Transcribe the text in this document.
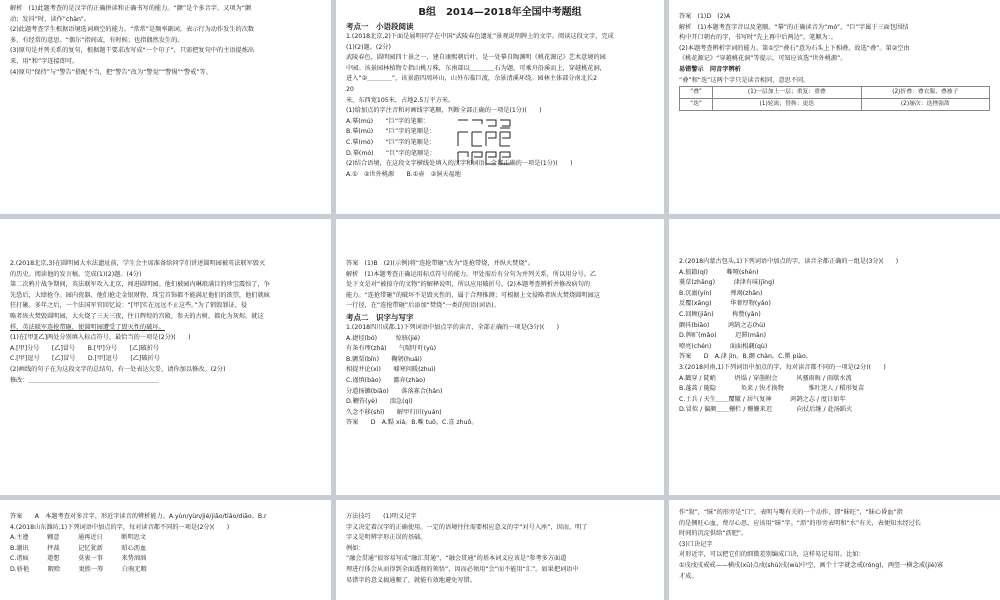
解析　(1)此题考查的是汉字的正确拼读和正确书写的能力。“颤”是个多音字，又项为“颤

动；发抖”时，读作“chàn”。

(2)此题考查学生根据语境选词填空的能力。“常常”是频率副词，表示行为动作发生的次数

多，有经常的意思。“偶尔”指间或，有时候；也指偶然发生的。

(3)原句是并列关系的复句，根据题干要求改写成“一个句子”，只需把复句中的主语提炼出

来，用“和”字连接即可。

(4)原句“保持”与“警告”搭配不当，把“警告”改为“警觉”“警惕”“警戒”等。

B组　2014—2018年全国中考题组
考点一　小语段阅读

1.(2018北京,2)下面是展明同学在中国“武陵春色遗址”景观说明牌上的文字。阅读这段文字，完成

(1)(2)题。(2分)

武陵春色，圆明园四十景之一，建自康熙朝后叶，是一处摹自陶渊明《桃花源记》艺术意境的园

中园。该景园林植物专指山桃万株，东南部以＿＿＿＿石为题，可乘舟沿溪而上，穿越桃花洞，

进入“②＿＿＿＿”，该景游四周环山，山外东临巨流，余景清溪环绕。园林主体部分南北长2

20

米，东西宽105米，占地2.5万平方米。

(1)给加点的字注音和对画线字笔顺，判断全部正确的一项是(1分)(　　)

A.摹(mú)　　“巨”字的笔顺：

B.摹(mú)　　“巨”字的笔顺是：

C.摹(mó)　　“巨”字的笔顺是：

D.摹(mó)　　“巨”字的笔顺是：

(2)结合语境，在这段文字横线处填入的汉字和词语，全都正确的一项是(1分)(　　)

A.①　②世外桃源　　B.①壶　②洞天福地

答案　(1)D　(2)A

解析　(1)本题考查字音以及笔顺。“摹”的正确读音为“mó”，“巨”字属于三面包围结

构中开口朝右的字，书写时“先上再中后两边”，笔顺为：。

(2)本题考查辨析字词的能力。第①空“叠石”意为石头上下相叠，故选“叠”。第②空由

《桃花源记》“穿越桃花洞”等提示，可知应该选“世外桃源”。

易错警示　同音字辨析

“叠”和“迭”这两个字只是读音相同，意思不同。

“叠”	(1)一层加上一层；重复：重叠	(2)折叠：叠衣服、叠被子
“迭”	(1)轮流；替换：更迭	(2)屡次：迭挫强敌

2.(2018北京,3)在圆明园大水法遗址前，学生会主席准备给同学们讲述圆明园被英法联军毁灭

的历史。阅读他的发言稿，完成(1)(2)题。(4分)

第二次鸦片战争期间，英法联军攻入北京，闯进圆明园。他们被园内琳琅满目的珍宝震惊了，争

先恐后，大肆抢夺。园内瓷器、他们抢走金银财物、珠宝首饰都不能满足他们的欲望，他们就疯

狂打砸。多年之后，一个法国军官回忆说：“[甲]实在远远不止这些。”为了销毁罪证，侵

略者纵火焚毁圆明园，大火烧了三天三夜，往日辉煌的宫殿，参天的古树，都化为灰烬。就这

样，英法联军连抢带砸，使圆明园遭受了毁灭性的破坏。

(1)在[甲][乙]两处分别填入标点符号，最恰当的一项是(2分)(　　)

A.[甲]分号　　[乙]冒号　　B.[甲]分号　　[乙]破折号

C.[甲]逗号　　[乙]冒号　　D.[甲]逗号　　[乙]破折号

(2)画线的句子在为这段文字的总结句，有一处表达欠妥，请你加以修改。(2分)

修改：＿＿＿＿＿＿＿＿＿＿＿＿＿＿＿＿＿＿＿＿＿

答案　(1)B　(2)(示例)将“连抢带砸”改为“连抢带烧，并纵火焚烧”。

解析　(1)本题考查正确运用标点符号的能力。甲处需后有分句为并列关系，所以用分号。乙

处下文是对“被掠夺的文物”的解释说明，所以应用破折号。(2)本题考查辨析并修改病句的

能力。“连抢带砸”的破坏不是毁灭性的，属于合理推测；可根据上文侵略者纵火焚烧圆明园这

一行径，在“连抢带砸”后添加“焚烧”一类的短语(词语)。

考点二　识字与写字

1.(2018四川成都,1)下列词语中加点字的读音，全部正确的一项是(3分)(　　)

A.捷径(bó)　　　惊骇(jié)

有条有理(zhá)　　气喘吁吁(yù)

B.颤栗(bǐn)　　鞠躬(huái)

相提并论(xì)　　嘘寒问暖(zhuì)

C.谨慎(bào)　　鄙弃(zhào)

分道扬镳(biāo)　　落落寡合(hán)

D.鞭笞(yè)　　湍急(qí)

久念不移(shī)　　解甲归田(yuán)

答案　　D　A.黠 xiá。B.嘶 tuō。C.喜 zhuō。

2.(2018内蒙古包头,1)下列词语中加点的字，读音全都正确的一组是(3分)(　　)

A.狼籍(qí)　　　嘶哑(shěn)

菱草(zhāng)　　　津津有味(jīng)

B.沉溺(yín)　　　殚竭(zhān)

反覆(xāng)　　　华奢厚物(yǎo)

C.回顾(jiān)　　　称赞(yǎn)

颤抖(biāo)　　　鸿鹄之志(hù)

D.牌旷(mǎo)　　　迟滞(mǎn)

嘹亮(chén)　　　面面相觑(qù)

答案　　D　A.津 jìn。B.颤 chàn。C.罂 piào。

3.(2018河南,1)下列词语中加点的字，每对读音都不同的一项是(2分)(　　)

A.戳穿 / 陡峭　　　坍塌 / 穿凿附会　　　风骚雨晦 / 雨歇水流

B.蓬蒿 / 随隐　　　　奂来 / 快才换物　　　　惟吐迷人 / 稻形复苗

C.士兵 / 天生＿＿覆辙 / 居气复神　　　鸿鹄之志 / 度日如年

D.冒似 / 偏颇＿＿栅栏 / 姗姗来迟　　　　向仗后继 / 赴汤蹈火

答案　　A　本题考查对多音字、形近字读音的辨析能力。A.yùn/yùn/jié/jiāo/tiāo/diāo。B.r

4.(2018山东潍坊,1)下列词语中加点的字，每对读音都不同的一项是(2分)(　　)

A.主遵　　　翱意　　　通再近日　　　断明思文

B.潮讯　　　抨裁　　　记忆犹新　　　昭心沥血

C.诸疯　　　遨想　　　莫衷一事　　　来势汹汹

D.骄艳　　　暇赊　　　更胜一筹　　　白驹无暇

方法技巧　　(1)明义记字

字义决定着汉字的正确使用。一定的语境往往需要相应意义的字“对号入座”，因而，明了

字义是明辨字形正误的基础。

例如：

“融会贯通”很容易写成“融汇贯通”，“融会贯通”的基本词义应该是“参考多方面道

理进行体会从而得到全面透彻的领悟”，因而必须用“会”而不能用“汇”。如果把词语中

易错字的意义搞通顺了，就能有效地避免写错。

作“叙”，“昧”的形旁是“口”，表明与嘴有关的一个动作，即“昧旺”，“昧心昏血”指

的是侧旺心血，费尽心思，应该用“昧”字。“沥”的形旁表明和“水”有关，表便知水经过长

时间的沉淀供给“沥肥”。

(3)口诀记字

对形近字，可以把它们的细微差别编成口诀，这样易记易用。比如：

①戌戍戌戒戒——横戌(xū)点戍(shù)戌(wù)中空，画个十字就念戒(róng)，两竖一横念戒(jiè)寡

才成。
